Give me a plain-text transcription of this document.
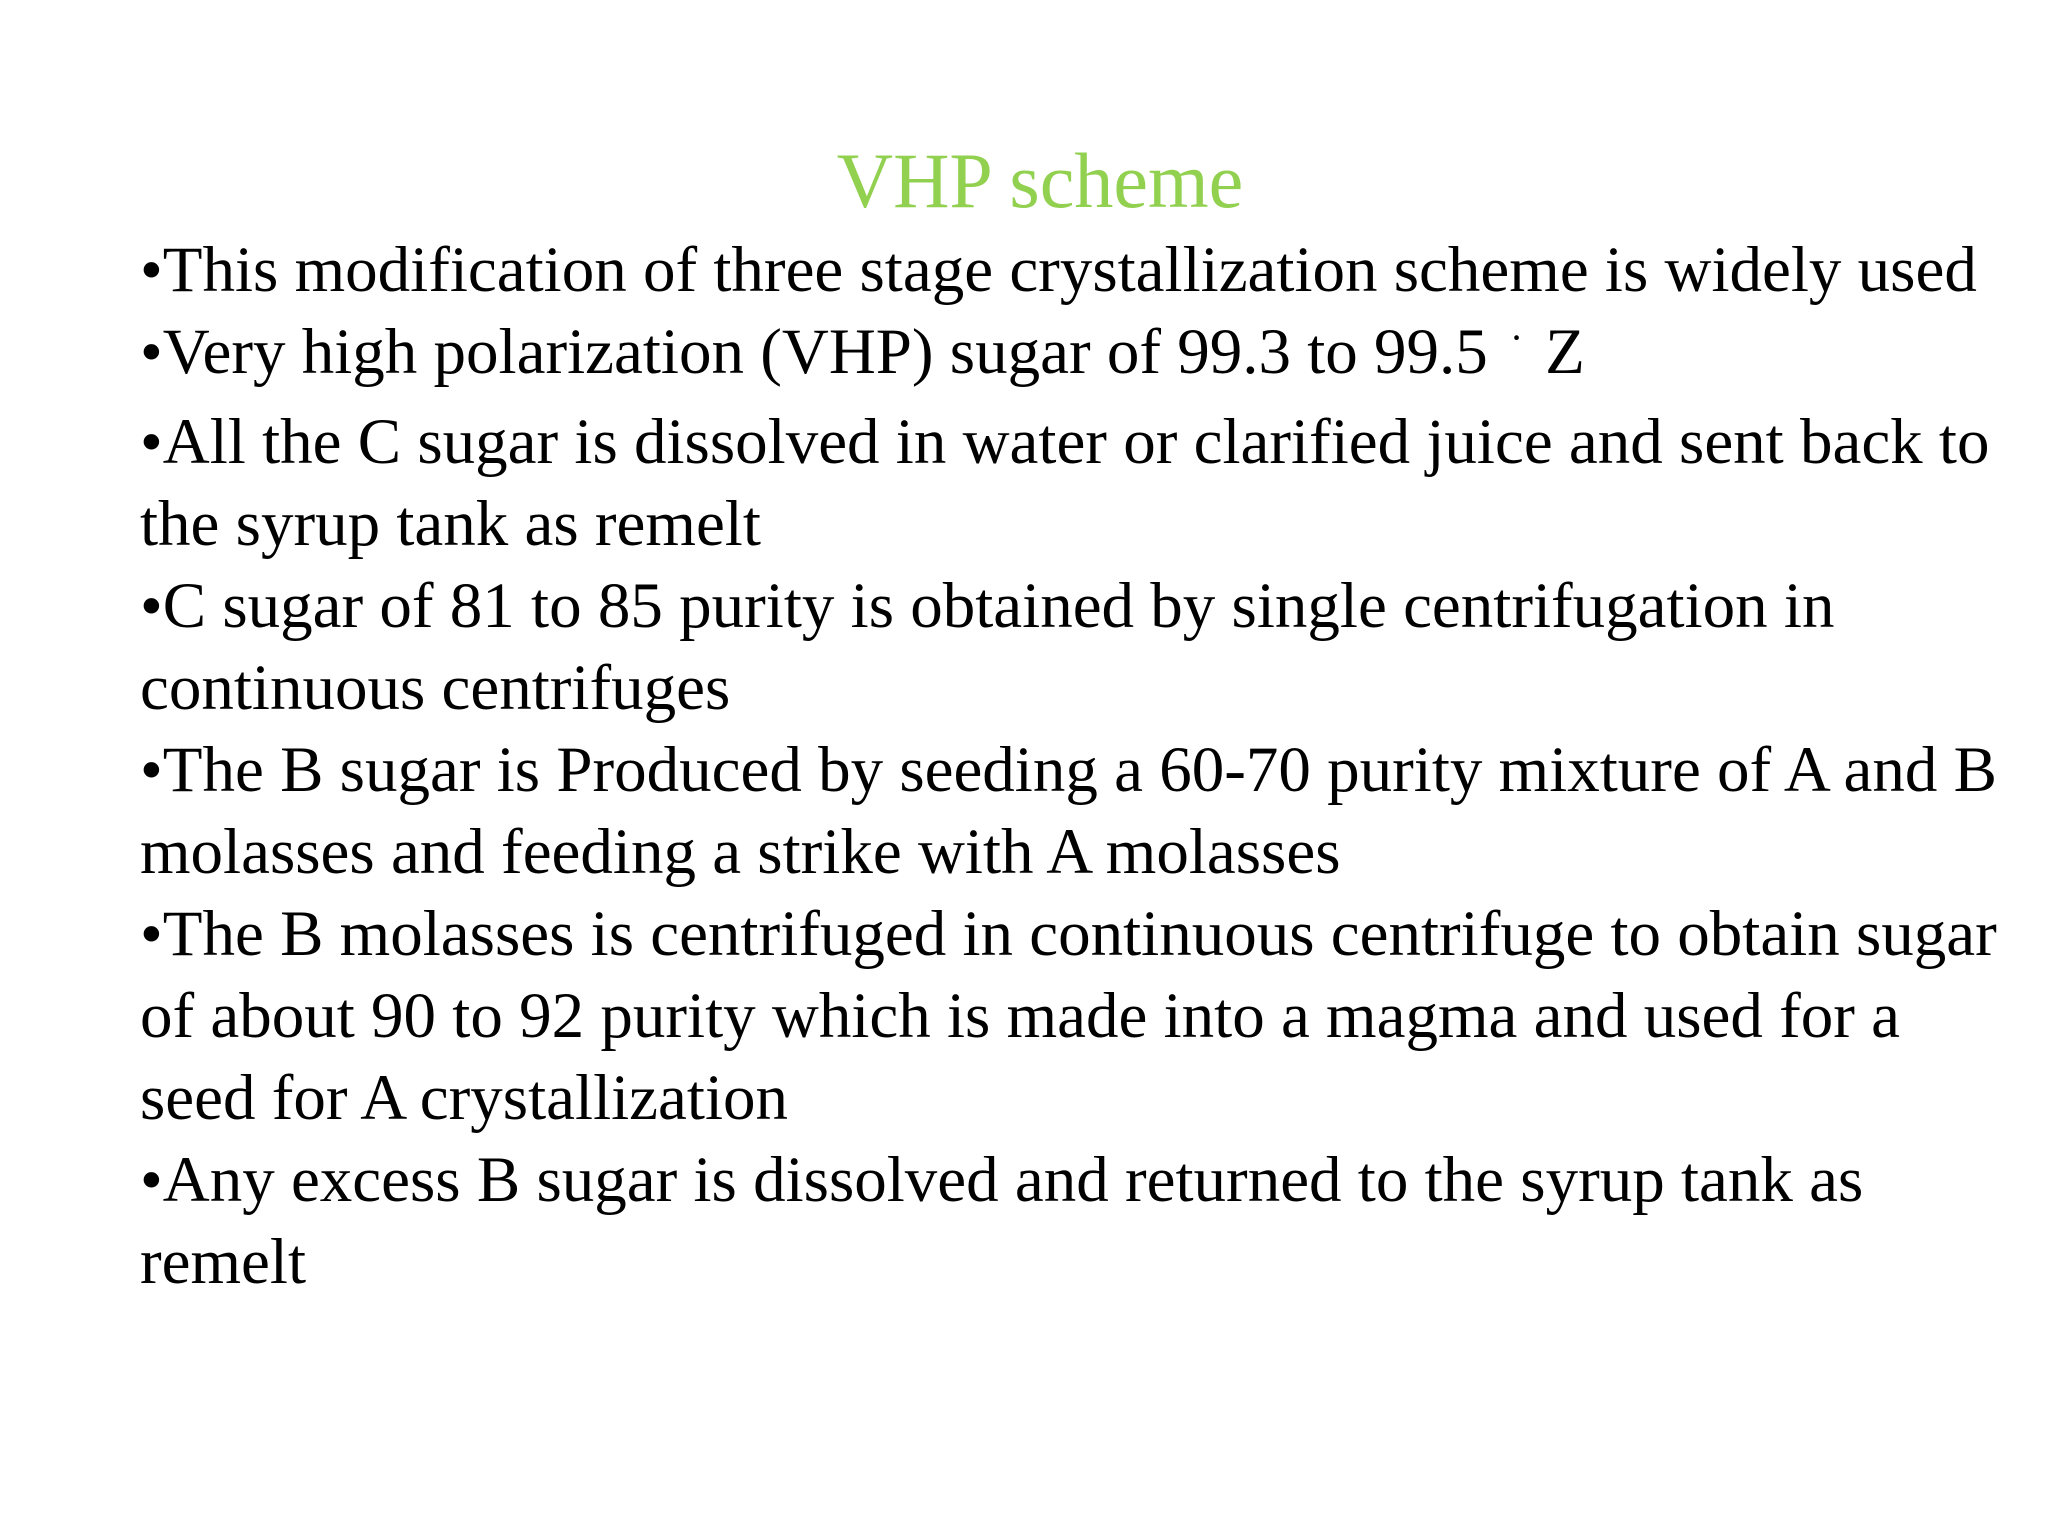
VHP scheme
•This modification of three stage crystallization scheme is widely used
•Very high polarization (VHP) sugar of 99.3 to 99.5 · Z
•All the C sugar is dissolved in water or clarified juice and sent back to the syrup tank as remelt
•C sugar of 81 to 85 purity is obtained by single centrifugation in continuous centrifuges
•The B sugar is Produced by seeding a 60-70 purity mixture of A and B molasses and feeding a strike with A molasses
•The B molasses is centrifuged in continuous centrifuge to obtain sugar of about 90 to 92 purity which is made into a magma and used for a seed for A crystallization
•Any excess B sugar is dissolved and returned to the syrup tank as remelt
